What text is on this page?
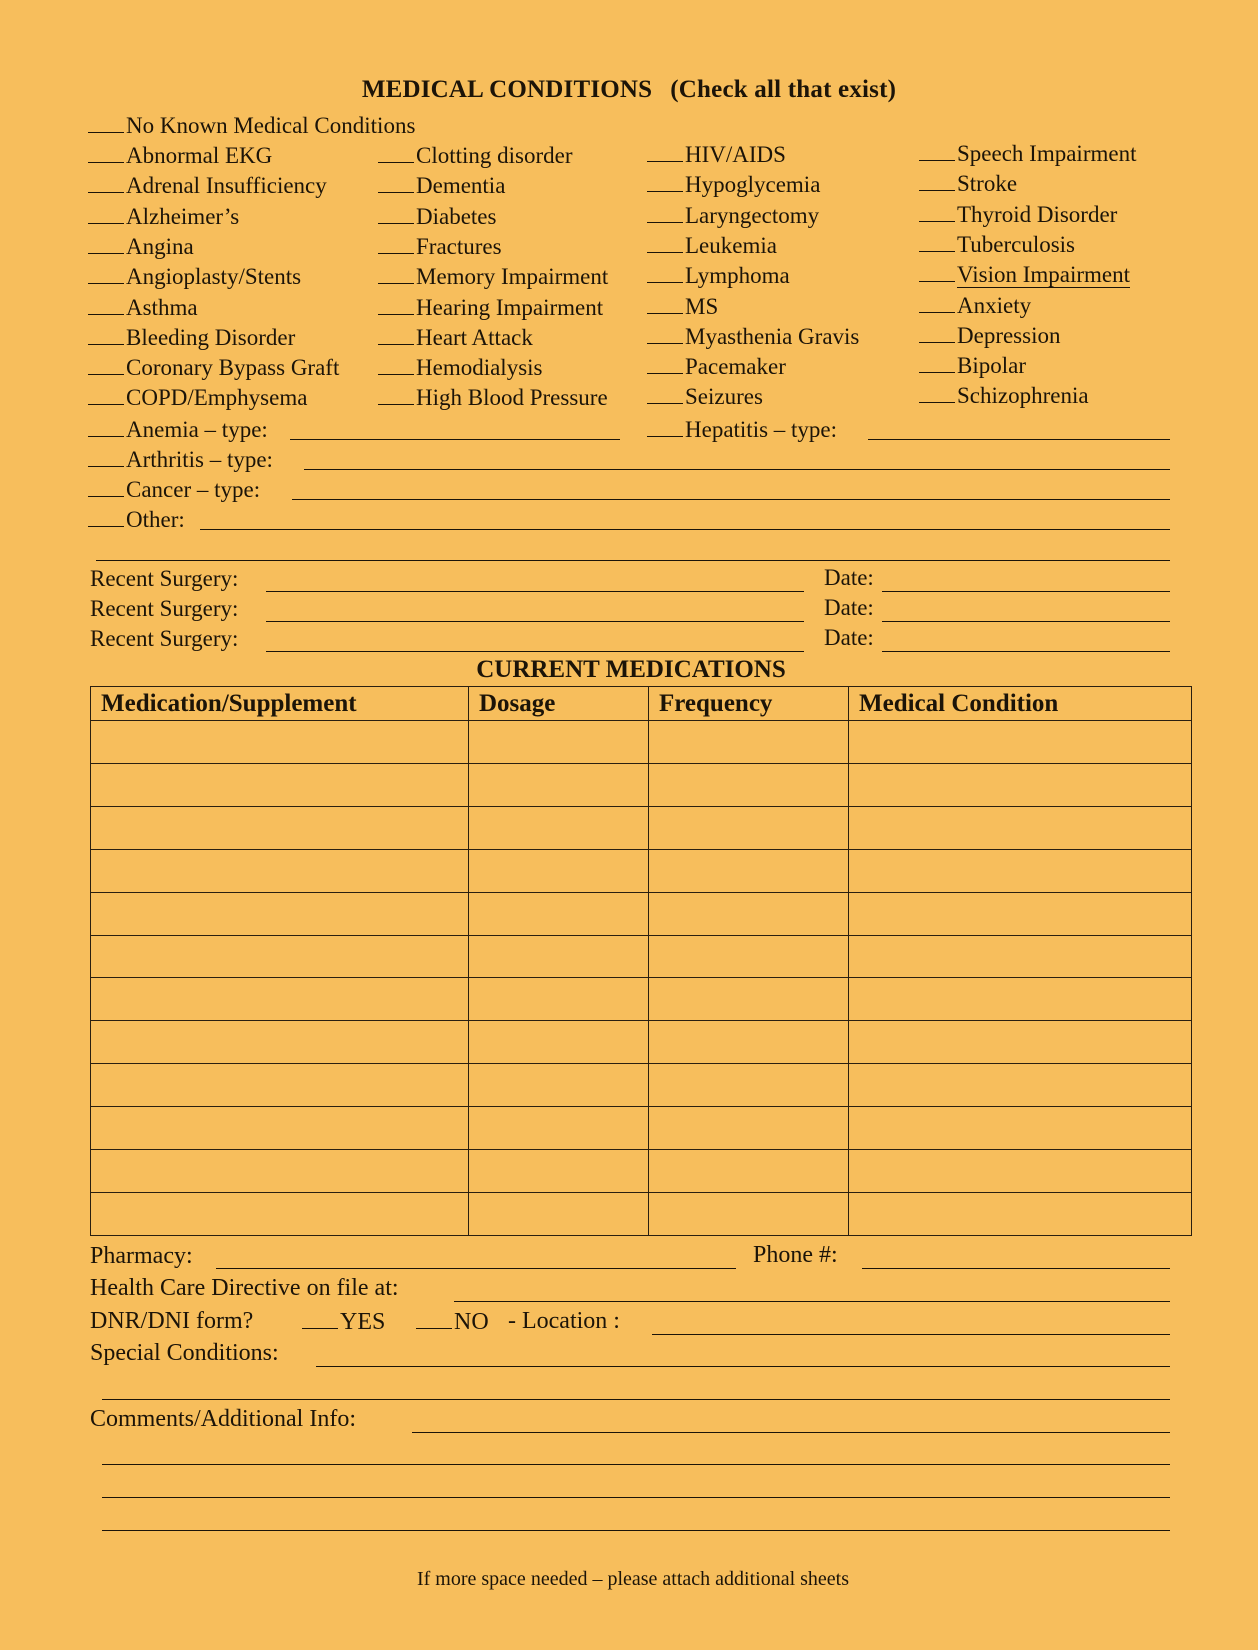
MEDICAL CONDITIONS (Check all that exist)
No Known Medical Conditions
Abnormal EKG
Adrenal Insufficiency
Alzheimer’s
Angina
Angioplasty/Stents
Asthma
Bleeding Disorder
Coronary Bypass Graft
COPD/Emphysema
Clotting disorder
Dementia
Diabetes
Fractures
Memory Impairment
Hearing Impairment
Heart Attack
Hemodialysis
High Blood Pressure
HIV/AIDS
Hypoglycemia
Laryngectomy
Leukemia
Lymphoma
MS
Myasthenia Gravis
Pacemaker
Seizures
Speech Impairment
Stroke
Thyroid Disorder
Tuberculosis
Vision Impairment
Anxiety
Depression
Bipolar
Schizophrenia
Anemia – type:	Hepatitis – type:
Arthritis – type:
Cancer – type:
Other:
Recent Surgery:	Date:
Recent Surgery:	Date:
Recent Surgery:	Date:
CURRENT MEDICATIONS
Medication/Supplement	Dosage	Frequency	Medical Condition

Pharmacy:	Phone #:
Health Care Directive on file at:
DNR/DNI form?	YES	NO - Location :
Special Conditions:
Comments/Additional Info:
If more space needed – please attach additional sheets
